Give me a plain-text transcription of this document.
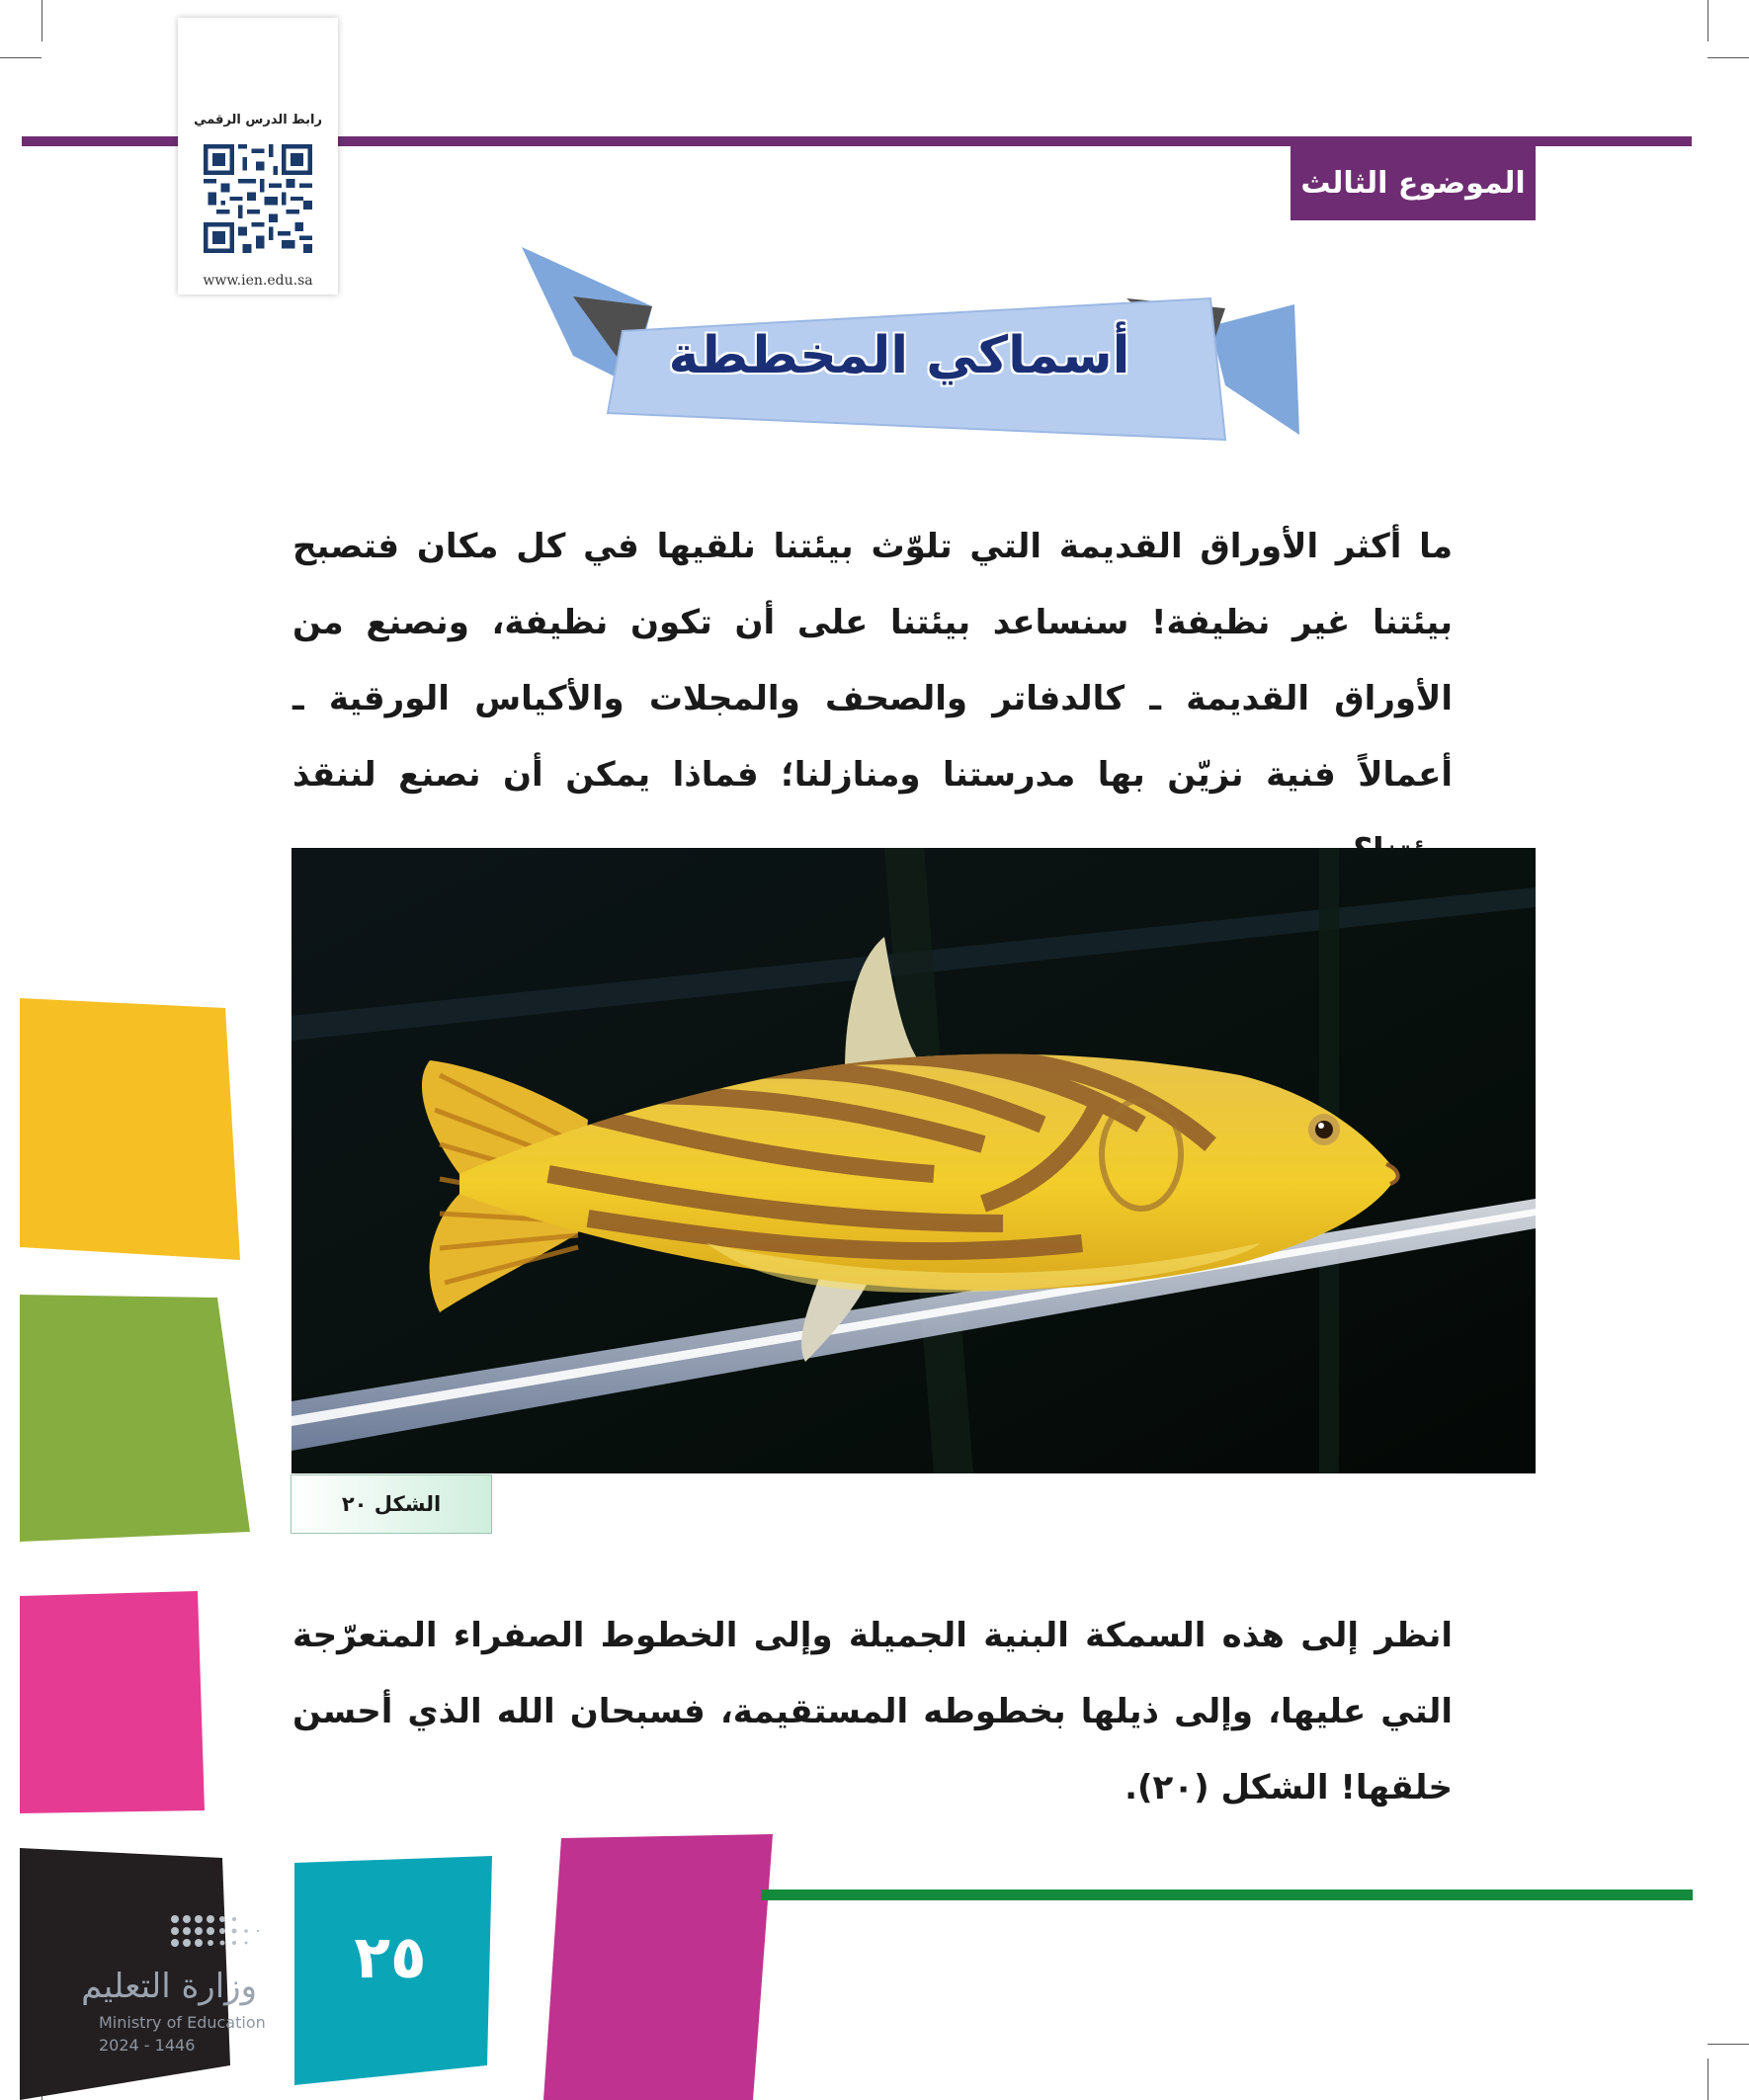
الموضوع الثالث
رابط الدرس الرقمي
www.ien.edu.sa
أسماكي المخططة
ما أكثر الأوراق القديمة التي تلوّث بيئتنا نلقيها في كل مكان فتصبح بيئتنا غير نظيفة! سنساعد بيئتنا على أن تكون نظيفة، ونصنع من الأوراق القديمة ـ كالدفاتر والصحف والمجلات والأكياس الورقية ـ أعمالاً فنية نزيّن بها مدرستنا ومنازلنا؛ فماذا يمكن أن نصنع لننقذ
الشكل ٢٠
انظر إلى هذه السمكة البنية الجميلة وإلى الخطوط الصفراء المتعرّجة التي عليها، وإلى ذيلها بخطوطه المستقيمة، فسبحان الله الذي أحسن خلقها! الشكل (٢٠).
٢٥
وزارة التعليم
Ministry of Education
2024 - 1446
